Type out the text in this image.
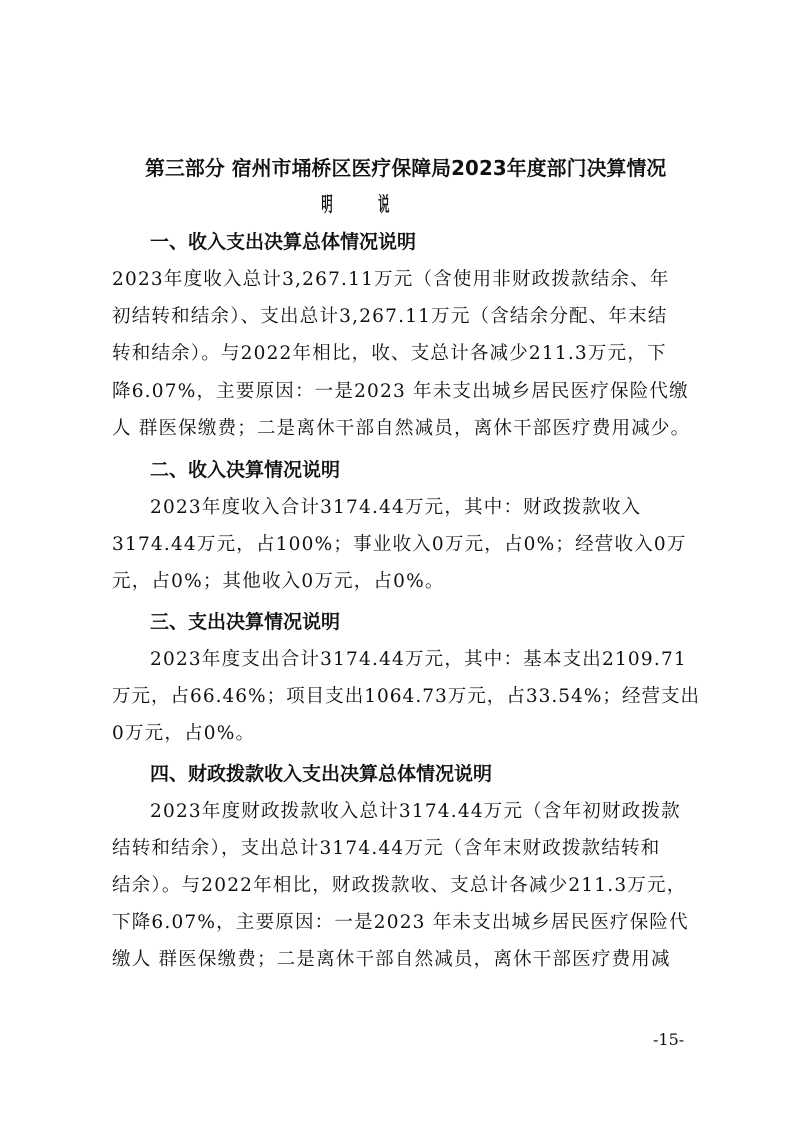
第三部分 宿州市埇桥区医疗保障局2023年度部门决算情况
一、收入支出决算总体情况说明
2023年度收入总计3,267.11万元（含使用非财政拨款结余、年
初结转和结余）、支出总计3,267.11万元（含结余分配、年末结
转和结余）。与2022年相比，收、支总计各减少211.3万元，下
降6.07%，主要原因：一是2023 年未支出城乡居民医疗保险代缴
人 群医保缴费；二是离休干部自然减员，离休干部医疗费用减少。
二、收入决算情况说明
2023年度收入合计3174.44万元，其中：财政拨款收入
3174.44万元，占100%；事业收入0万元，占0%；经营收入0万
元，占0%；其他收入0万元，占0%。
三、支出决算情况说明
2023年度支出合计3174.44万元，其中：基本支出2109.71
万元，占66.46%；项目支出1064.73万元，占33.54%；经营支出
0万元，占0%。
四、财政拨款收入支出决算总体情况说明
2023年度财政拨款收入总计3174.44万元（含年初财政拨款
结转和结余），支出总计3174.44万元（含年末财政拨款结转和
结余）。与2022年相比，财政拨款收、支总计各减少211.3万元，
下降6.07%，主要原因：一是2023 年未支出城乡居民医疗保险代
缴人 群医保缴费；二是离休干部自然减员，离休干部医疗费用减
-15-
